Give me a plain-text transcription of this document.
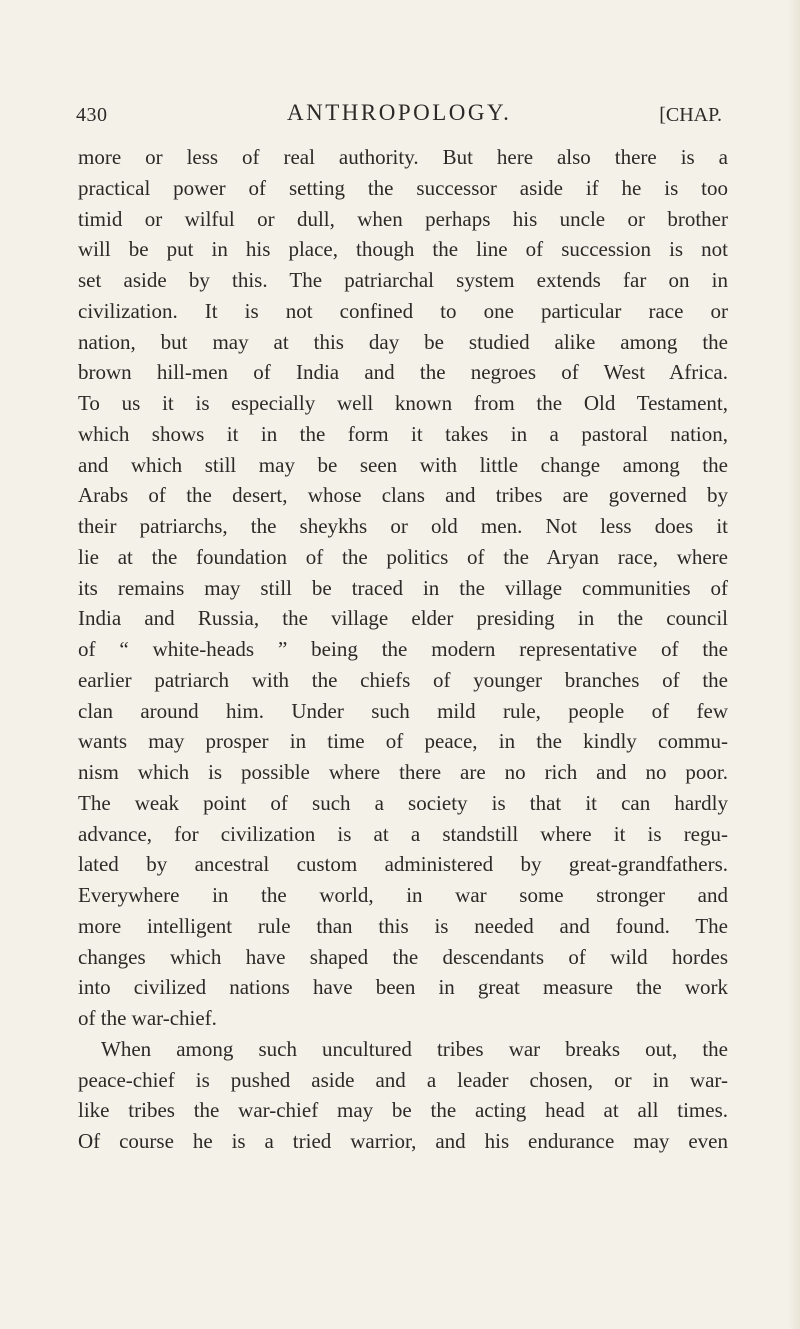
430	ANTHROPOLOGY.	[CHAP.
more or less of real authority. But here also there is a
practical power of setting the successor aside if he is too
timid or wilful or dull, when perhaps his uncle or brother
will be put in his place, though the line of succession is not
set aside by this. The patriarchal system extends far on in
civilization. It is not confined to one particular race or
nation, but may at this day be studied alike among the
brown hill-men of India and the negroes of West Africa.
To us it is especially well known from the Old Testament,
which shows it in the form it takes in a pastoral nation,
and which still may be seen with little change among the
Arabs of the desert, whose clans and tribes are governed by
their patriarchs, the sheykhs or old men. Not less does it
lie at the foundation of the politics of the Aryan race, where
its remains may still be traced in the village communities of
India and Russia, the village elder presiding in the council
of “ white-heads ” being the modern representative of the
earlier patriarch with the chiefs of younger branches of the
clan around him. Under such mild rule, people of few
wants may prosper in time of peace, in the kindly commu-
nism which is possible where there are no rich and no poor.
The weak point of such a society is that it can hardly
advance, for civilization is at a standstill where it is regu-
lated by ancestral custom administered by great-grandfathers.
Everywhere in the world, in war some stronger and
more intelligent rule than this is needed and found. The
changes which have shaped the descendants of wild hordes
into civilized nations have been in great measure the work
of the war-chief.
When among such uncultured tribes war breaks out, the
peace-chief is pushed aside and a leader chosen, or in war-
like tribes the war-chief may be the acting head at all times.
Of course he is a tried warrior, and his endurance may even
